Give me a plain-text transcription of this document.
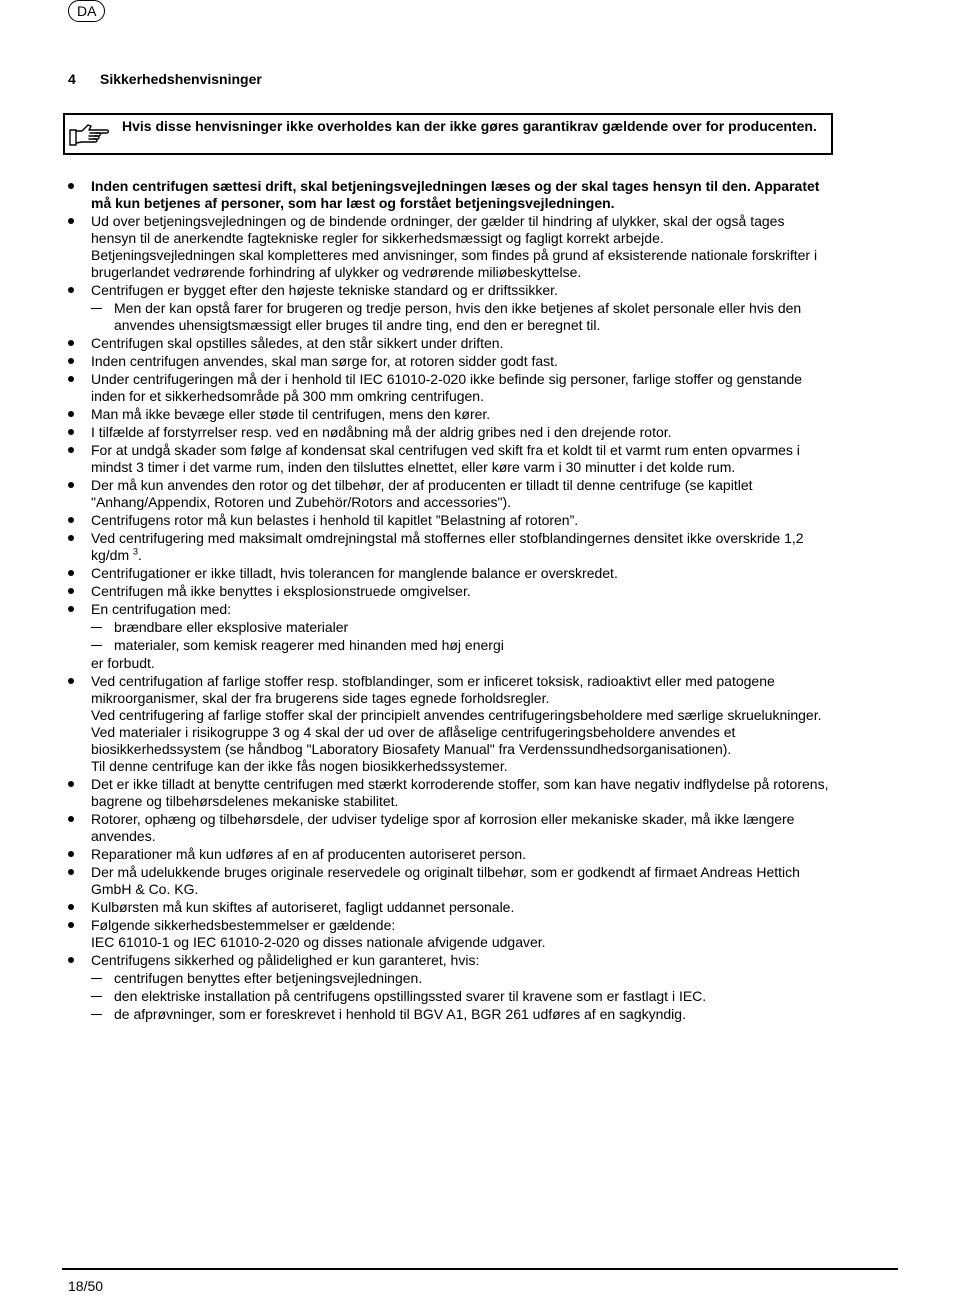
DA
4 Sikkerhedshenvisninger
Hvis disse henvisninger ikke overholdes kan der ikke gøres garantikrav gældende over for producenten.
Inden centrifugen sættesi drift, skal betjeningsvejledningen læses og der skal tages hensyn til den. Apparatet må kun betjenes af personer, som har læst og forstået betjeningsvejledningen.
Ud over betjeningsvejledningen og de bindende ordninger, der gælder til hindring af ulykker, skal der også tages hensyn til de anerkendte fagtekniske regler for sikkerhedsmæssigt og fagligt korrekt arbejde.
Betjeningsvejledningen skal kompletteres med anvisninger, som findes på grund af eksisterende nationale forskrifter i brugerlandet vedrørende forhindring af ulykker og vedrørende miliøbeskyttelse.
Centrifugen er bygget efter den højeste tekniske standard og er driftssikker.
Men der kan opstå farer for brugeren og tredje person, hvis den ikke betjenes af skolet personale eller hvis den anvendes uhensigtsmæssigt eller bruges til andre ting, end den er beregnet til.
Centrifugen skal opstilles således, at den står sikkert under driften.
Inden centrifugen anvendes, skal man sørge for, at rotoren sidder godt fast.
Under centrifugeringen må der i henhold til IEC 61010-2-020 ikke befinde sig personer, farlige stoffer og genstande inden for et sikkerhedsområde på 300 mm omkring centrifugen.
Man må ikke bevæge eller støde til centrifugen, mens den kører.
I tilfælde af forstyrrelser resp. ved en nødåbning må der aldrig gribes ned i den drejende rotor.
For at undgå skader som følge af kondensat skal centrifugen ved skift fra et koldt til et varmt rum enten opvarmes i mindst 3 timer i det varme rum, inden den tilsluttes elnettet, eller køre varm i 30 minutter i det kolde rum.
Der må kun anvendes den rotor og det tilbehør, der af producenten er tilladt til denne centrifuge (se kapitlet "Anhang/Appendix, Rotoren und Zubehör/Rotors and accessories").
Centrifugens rotor må kun belastes i henhold til kapitlet ”Belastning af rotoren”.
Ved centrifugering med maksimalt omdrejningstal må stoffernes eller stofblandingernes densitet ikke overskride 1,2 kg/dm $^3$.
Centrifugationer er ikke tilladt, hvis tolerancen for manglende balance er overskredet.
Centrifugen må ikke benyttes i eksplosionstruede omgivelser.
En centrifugation med:
brændbare eller eksplosive materialer
materialer, som kemisk reagerer med hinanden med høj energi
er forbudt.
Ved centrifugation af farlige stoffer resp. stofblandinger, som er inficeret toksisk, radioaktivt eller med patogene mikroorganismer, skal der fra brugerens side tages egnede forholdsregler.
Ved centrifugering af farlige stoffer skal der principielt anvendes centrifugeringsbeholdere med særlige skruelukninger. Ved materialer i risikogruppe 3 og 4 skal der ud over de aflåselige centrifugeringsbeholdere anvendes et biosikkerhedssystem (se håndbog "Laboratory Biosafety Manual" fra Verdenssundhedsorganisationen).
Til denne centrifuge kan der ikke fås nogen biosikkerhedssystemer.
Det er ikke tilladt at benytte centrifugen med stærkt korroderende stoffer, som kan have negativ indflydelse på rotorens, bagrene og tilbehørsdelenes mekaniske stabilitet.
Rotorer, ophæng og tilbehørsdele, der udviser tydelige spor af korrosion eller mekaniske skader, må ikke længere anvendes.
Reparationer må kun udføres af en af producenten autoriseret person.
Der må udelukkende bruges originale reservedele og originalt tilbehør, som er godkendt af firmaet Andreas Hettich GmbH & Co. KG.
Kulbørsten må kun skiftes af autoriseret, fagligt uddannet personale.
Følgende sikkerhedsbestemmelser er gældende:
IEC 61010-1 og IEC 61010-2-020 og disses nationale afvigende udgaver.
Centrifugens sikkerhed og pålidelighed er kun garanteret, hvis:
centrifugen benyttes efter betjeningsvejledningen.
den elektriske installation på centrifugens opstillingssted svarer til kravene som er fastlagt i IEC.
de afprøvninger, som er foreskrevet i henhold til BGV A1, BGR 261 udføres af en sagkyndig.
18/50
